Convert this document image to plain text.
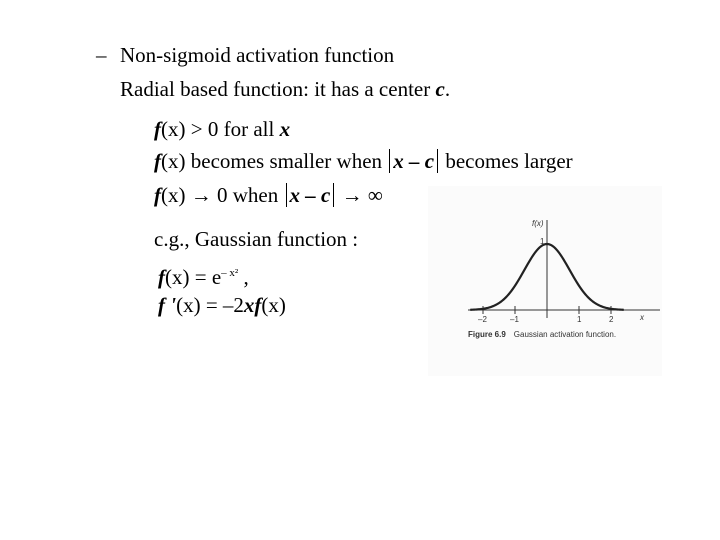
– Non-sigmoid activation function
Radial based function: it has a center c.
f(x) > 0 for all x
f(x) becomes smaller when x – c becomes larger
f(x) → 0 when x – c → ∞
c.g., Gaussian function :
$f(x) = e^{- x^2}$ ,
f '(x) = –2xf(x)
f(x)
1
–2	–1	1	2	x
Figure 6.9 Gaussian activation function.
